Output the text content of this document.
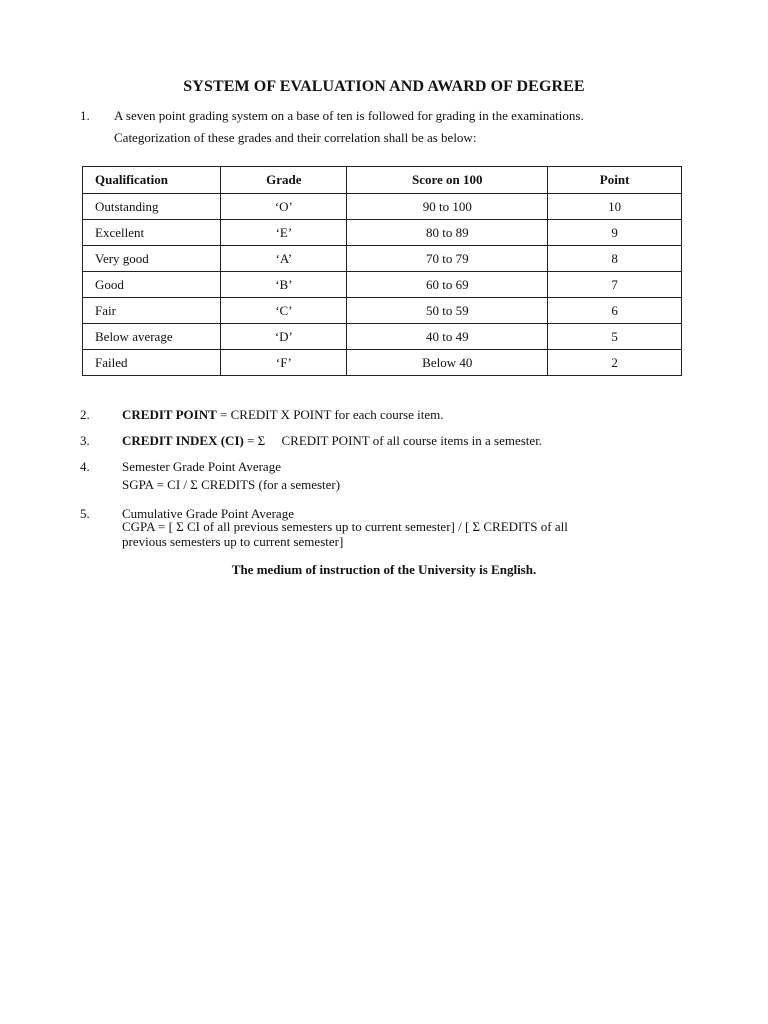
SYSTEM OF EVALUATION AND AWARD OF DEGREE
1. A seven point grading system on a base of ten is followed for grading in the examinations.
Categorization of these grades and their correlation shall be as below:
Qualification	Grade	Score on 100	Point
Outstanding	‘O’	90 to 100	10
Excellent	‘E’	80 to 89	9
Very good	‘A’	70 to 79	8
Good	‘B’	60 to 69	7
Fair	‘C’	50 to 59	6
Below average	‘D’	40 to 49	5
Failed	‘F’	Below 40	2
2. CREDIT POINT = CREDIT X POINT for each course item.
3. CREDIT INDEX (CI) = Σ     CREDIT POINT of all course items in a semester.
4. Semester Grade Point Average
SGPA = CI / Σ CREDITS (for a semester)
5. Cumulative Grade Point Average
CGPA = [ Σ CI of all previous semesters up to current semester] / [ Σ CREDITS of all
previous semesters up to current semester]
The medium of instruction of the University is English.
